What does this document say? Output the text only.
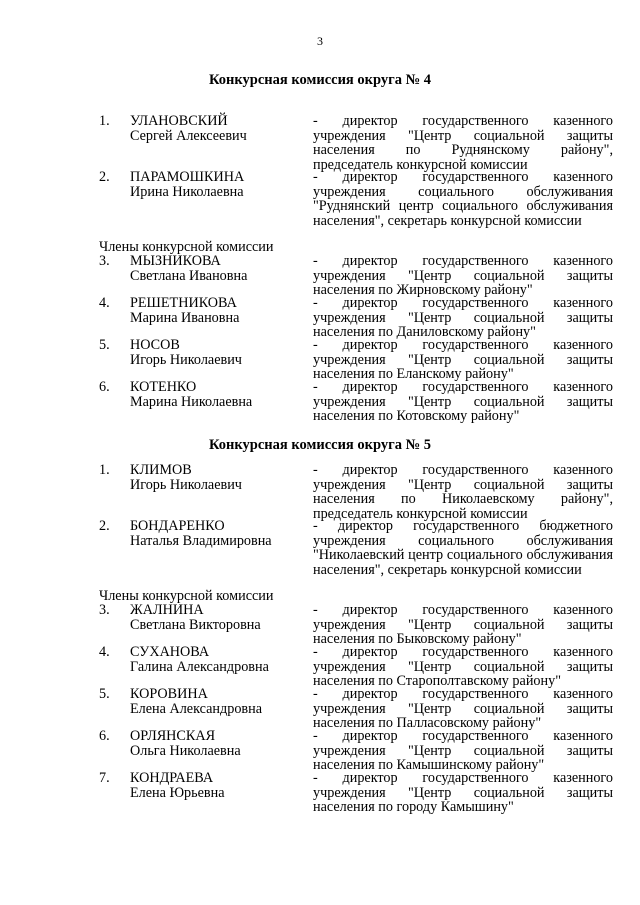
3
Конкурсная комиссия округа № 4
1. УЛАНОВСКИЙ
Сергей Алексеевич

- директор государственного казенного учреждения "Центр социальной защиты населения по Руднянскому району", председатель конкурсной комиссии

2. ПАРАМОШКИНА
Ирина Николаевна

- директор государственного казенного учреждения социального обслуживания "Руднянский центр социального обслуживания населения", секретарь конкурсной комиссии

Члены конкурсной комиссии
3. МЫЗНИКОВА
Светлана Ивановна

- директор государственного казенного учреждения "Центр социальной защиты населения по Жирновскому району"

4. РЕШЕТНИКОВА
Марина Ивановна

- директор государственного казенного учреждения "Центр социальной защиты населения по Даниловскому району"

5. НОСОВ
Игорь Николаевич

- директор государственного казенного учреждения "Центр социальной защиты населения по Еланскому району"

6. КОТЕНКО
Марина Николаевна

- директор государственного казенного учреждения "Центр социальной защиты населения по Котовскому району"

Конкурсная комиссия округа № 5
1. КЛИМОВ
Игорь Николаевич

- директор государственного казенного учреждения "Центр социальной защиты населения по Николаевскому району", председатель конкурсной комиссии

2. БОНДАРЕНКО
Наталья Владимировна

- директор государственного бюджетного учреждения социального обслуживания "Николаевский центр социального обслуживания населения", секретарь конкурсной комиссии

Члены конкурсной комиссии
3. ЖАЛНИНА
Светлана Викторовна

- директор государственного казенного учреждения "Центр социальной защиты населения по Быковскому району"

4. СУХАНОВА
Галина Александровна

- директор государственного казенного учреждения "Центр социальной защиты населения по Старополтавскому району"

5. КОРОВИНА
Елена Александровна

- директор государственного казенного учреждения "Центр социальной защиты населения по Палласовскому району"

6. ОРЛЯНСКАЯ
Ольга Николаевна

- директор государственного казенного учреждения "Центр социальной защиты населения по Камышинскому району"

7. КОНДРАЕВА
Елена Юрьевна

- директор государственного казенного учреждения "Центр социальной защиты населения по городу Камышину"
